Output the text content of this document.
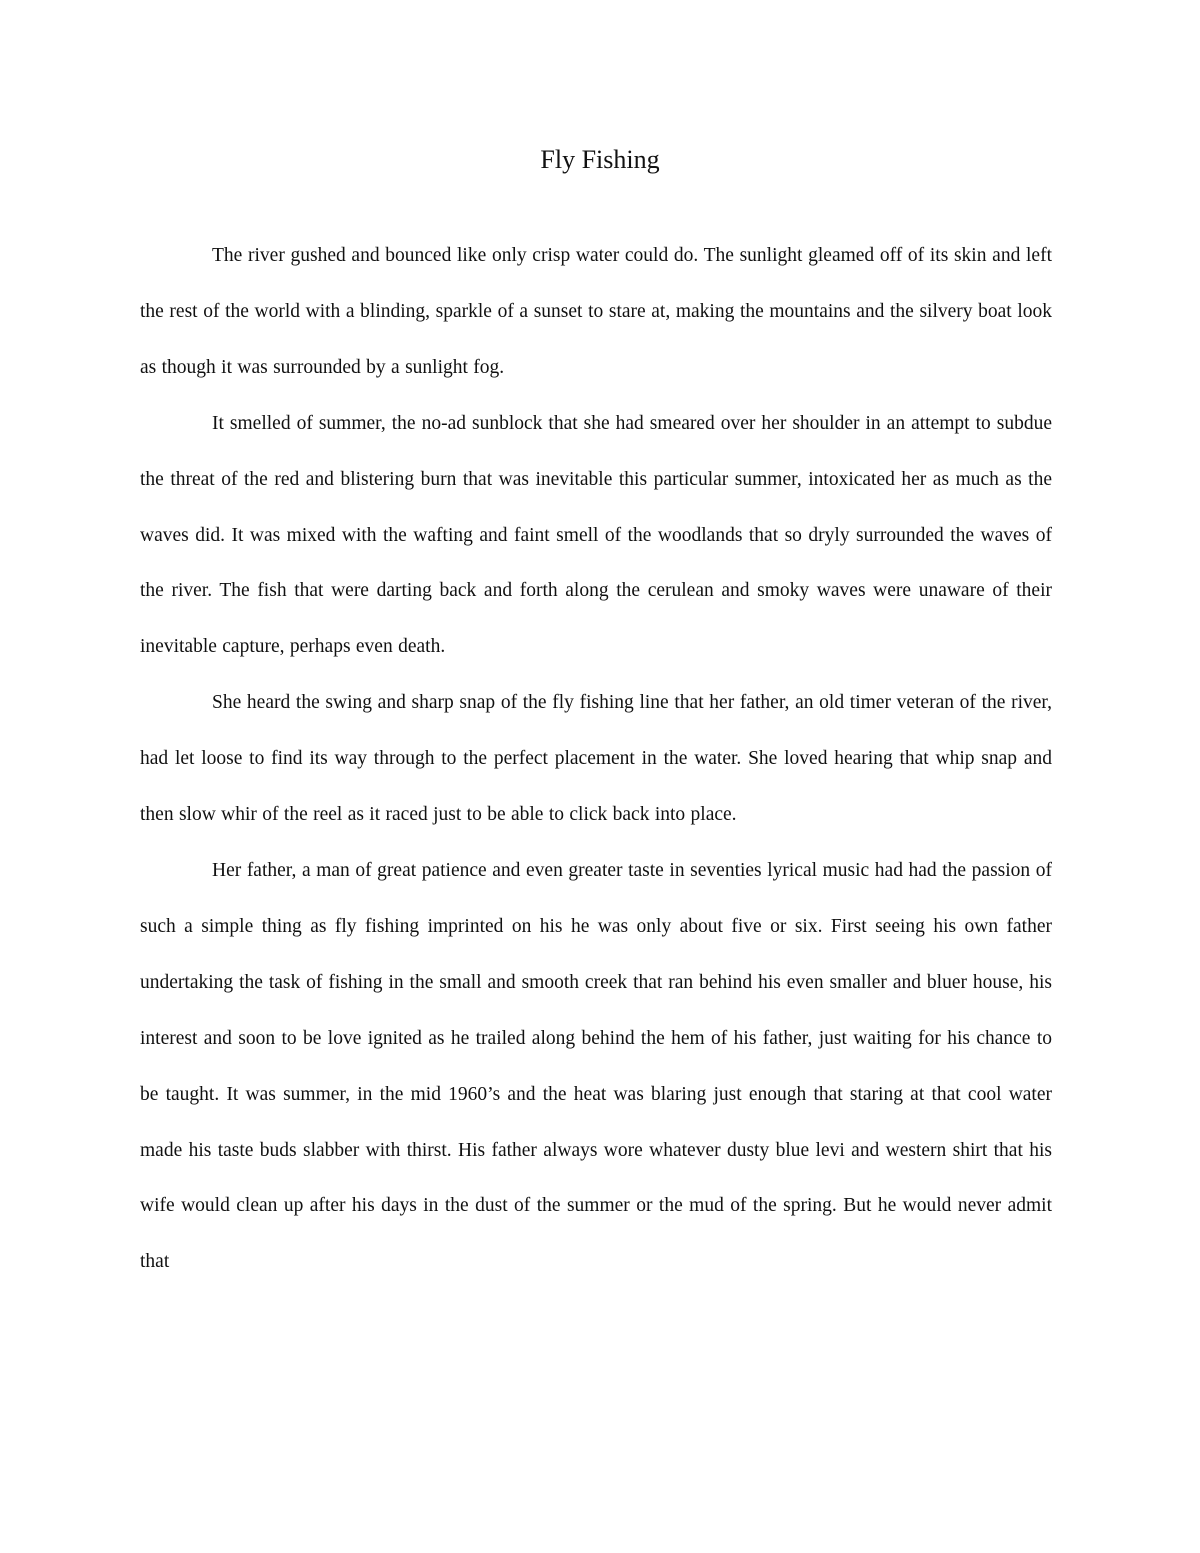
Fly Fishing

The river gushed and bounced like only crisp water could do. The sunlight gleamed off of its skin and left the rest of the world with a blinding, sparkle of a sunset to stare at, making the mountains and the silvery boat look as though it was surrounded by a sunlight fog.

It smelled of summer, the no-ad sunblock that she had smeared over her shoulder in an attempt to subdue the threat of the red and blistering burn that was inevitable this particular summer, intoxicated her as much as the waves did. It was mixed with the wafting and faint smell of the woodlands that so dryly surrounded the waves of the river. The fish that were darting back and forth along the cerulean and smoky waves were unaware of their inevitable capture, perhaps even death.

She heard the swing and sharp snap of the fly fishing line that her father, an old timer veteran of the river, had let loose to find its way through to the perfect placement in the water. She loved hearing that whip snap and then slow whir of the reel as it raced just to be able to click back into place.

Her father, a man of great patience and even greater taste in seventies lyrical music had had the passion of such a simple thing as fly fishing imprinted on his he was only about five or six. First seeing his own father undertaking the task of fishing in the small and smooth creek that ran behind his even smaller and bluer house, his interest and soon to be love ignited as he trailed along behind the hem of his father, just waiting for his chance to be taught. It was summer, in the mid 1960’s and the heat was blaring just enough that staring at that cool water made his taste buds slabber with thirst. His father always wore whatever dusty blue levi and western shirt that his wife would clean up after his days in the dust of the summer or the mud of the spring. But he would never admit that
